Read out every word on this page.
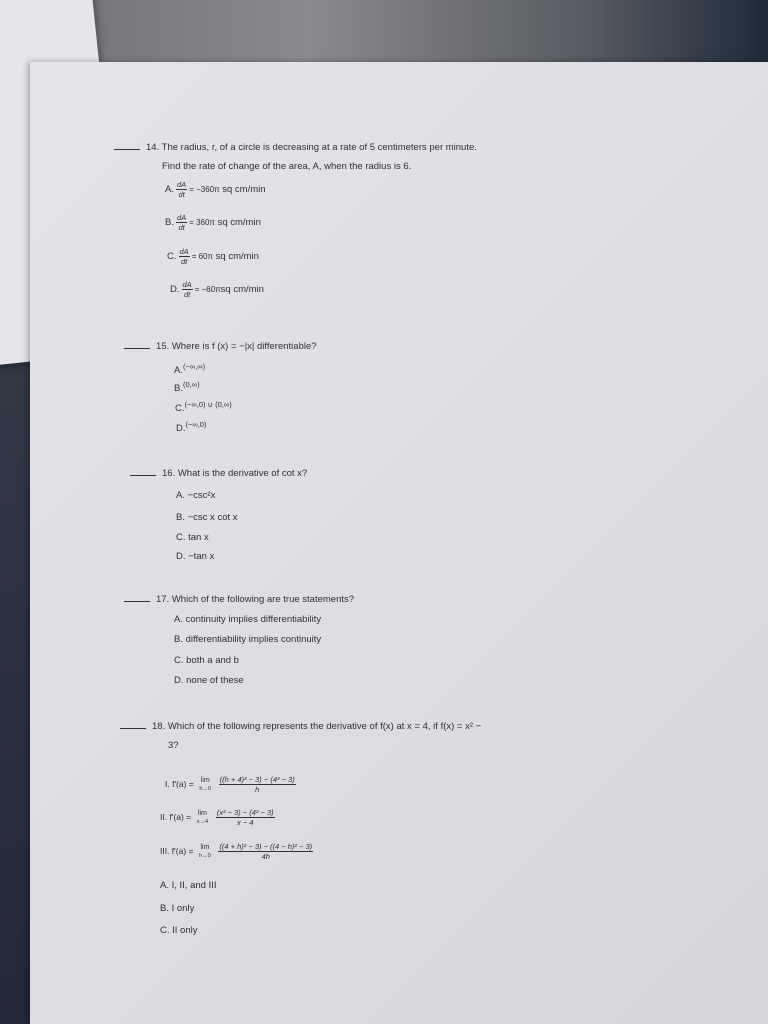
14. The radius, r, of a circle is decreasing at a rate of 5 centimeters per minute.
Find the rate of change of the area, A, when the radius is 6.
A. $\frac{dA}{dt} = -360\pi$ sq cm/min
B. $\frac{dA}{dt} = 360\pi$ sq cm/min
C. $\frac{dA}{dt} = 60\pi$ sq cm/min
D. $\frac{dA}{dt} = -60\pi sq$ cm/min
15. Where is f (x) = −|x| differentiable?
A.(−∞,∞)
B.$^{(0,\infty)}$
C.$^{(-\infty,0) \cup (0,\infty)}$
D.$^{(-\infty,0)}$
16. What is the derivative of cot x?
A. −csc²x
B. −csc x cot x
C. tan x
D. −tan x
17. Which of the following are true statements?
A. continuity implies differentiability
B. differentiability implies continuity
C. both a and b
D. none of these
18. Which of the following represents the derivative of f(x) at x = 4, if f(x) = x² −
3?
I. f′(a) = lim
h→0
$\frac{\text{((h + 4)² − 3) − (4² − 3)}}{h}$
II. f′(a) = lim
x→4
$\frac{\text{(x² − 3) − (4² − 3)}}{x - 4}$
III. f′(a) = lim
h→0
$\frac{\text{((4 + h)² − 3) − ((4 − h)² − 3)}}{4h}$
A. I, II, and III
B. I only
C. II only
